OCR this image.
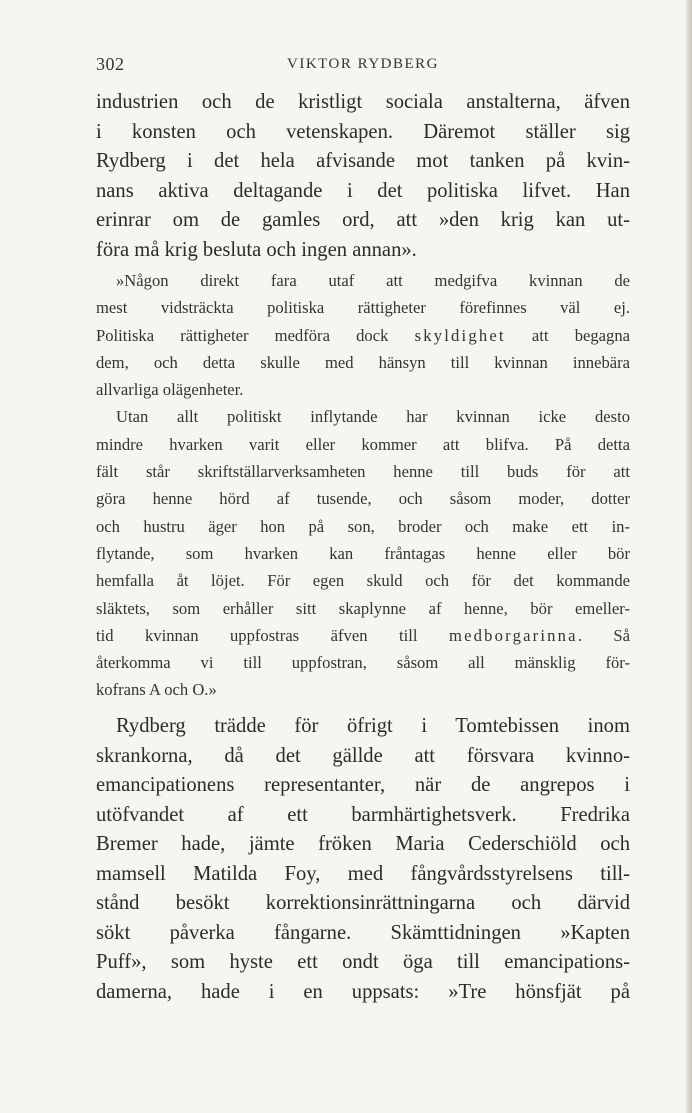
302	VIKTOR RYDBERG
industrien och de kristligt sociala anstalterna, äfven
i konsten och vetenskapen. Däremot ställer sig
Rydberg i det hela afvisande mot tanken på kvin-
nans aktiva deltagande i det politiska lifvet. Han
erinrar om de gamles ord, att »den krig kan ut-
föra må krig besluta och ingen annan».
»Någon direkt fara utaf att medgifva kvinnan de
mest vidsträckta politiska rättigheter förefinnes väl ej.
Politiska rättigheter medföra dock skyldighet att begagna
dem, och detta skulle med hänsyn till kvinnan innebära
allvarliga olägenheter.
Utan allt politiskt inflytande har kvinnan icke desto
mindre hvarken varit eller kommer att blifva. På detta
fält står skriftställarverksamheten henne till buds för att
göra henne hörd af tusende, och såsom moder, dotter
och hustru äger hon på son, broder och make ett in-
flytande, som hvarken kan fråntagas henne eller bör
hemfalla åt löjet. För egen skuld och för det kommande
släktets, som erhåller sitt skaplynne af henne, bör emeller-
tid kvinnan uppfostras äfven till medborgarinna. Så
återkomma vi till uppfostran, såsom all mänsklig för-
kofrans A och O.»
Rydberg trädde för öfrigt i Tomtebissen inom
skrankorna, då det gällde att försvara kvinno-
emancipationens representanter, när de angrepos i
utöfvandet af ett barmhärtighetsverk. Fredrika
Bremer hade, jämte fröken Maria Cederschiöld och
mamsell Matilda Foy, med fångvårdsstyrelsens till-
stånd besökt korrektionsinrättningarna och därvid
sökt påverka fångarne. Skämttidningen »Kapten
Puff», som hyste ett ondt öga till emancipations-
damerna, hade i en uppsats: »Tre hönsfjät på
